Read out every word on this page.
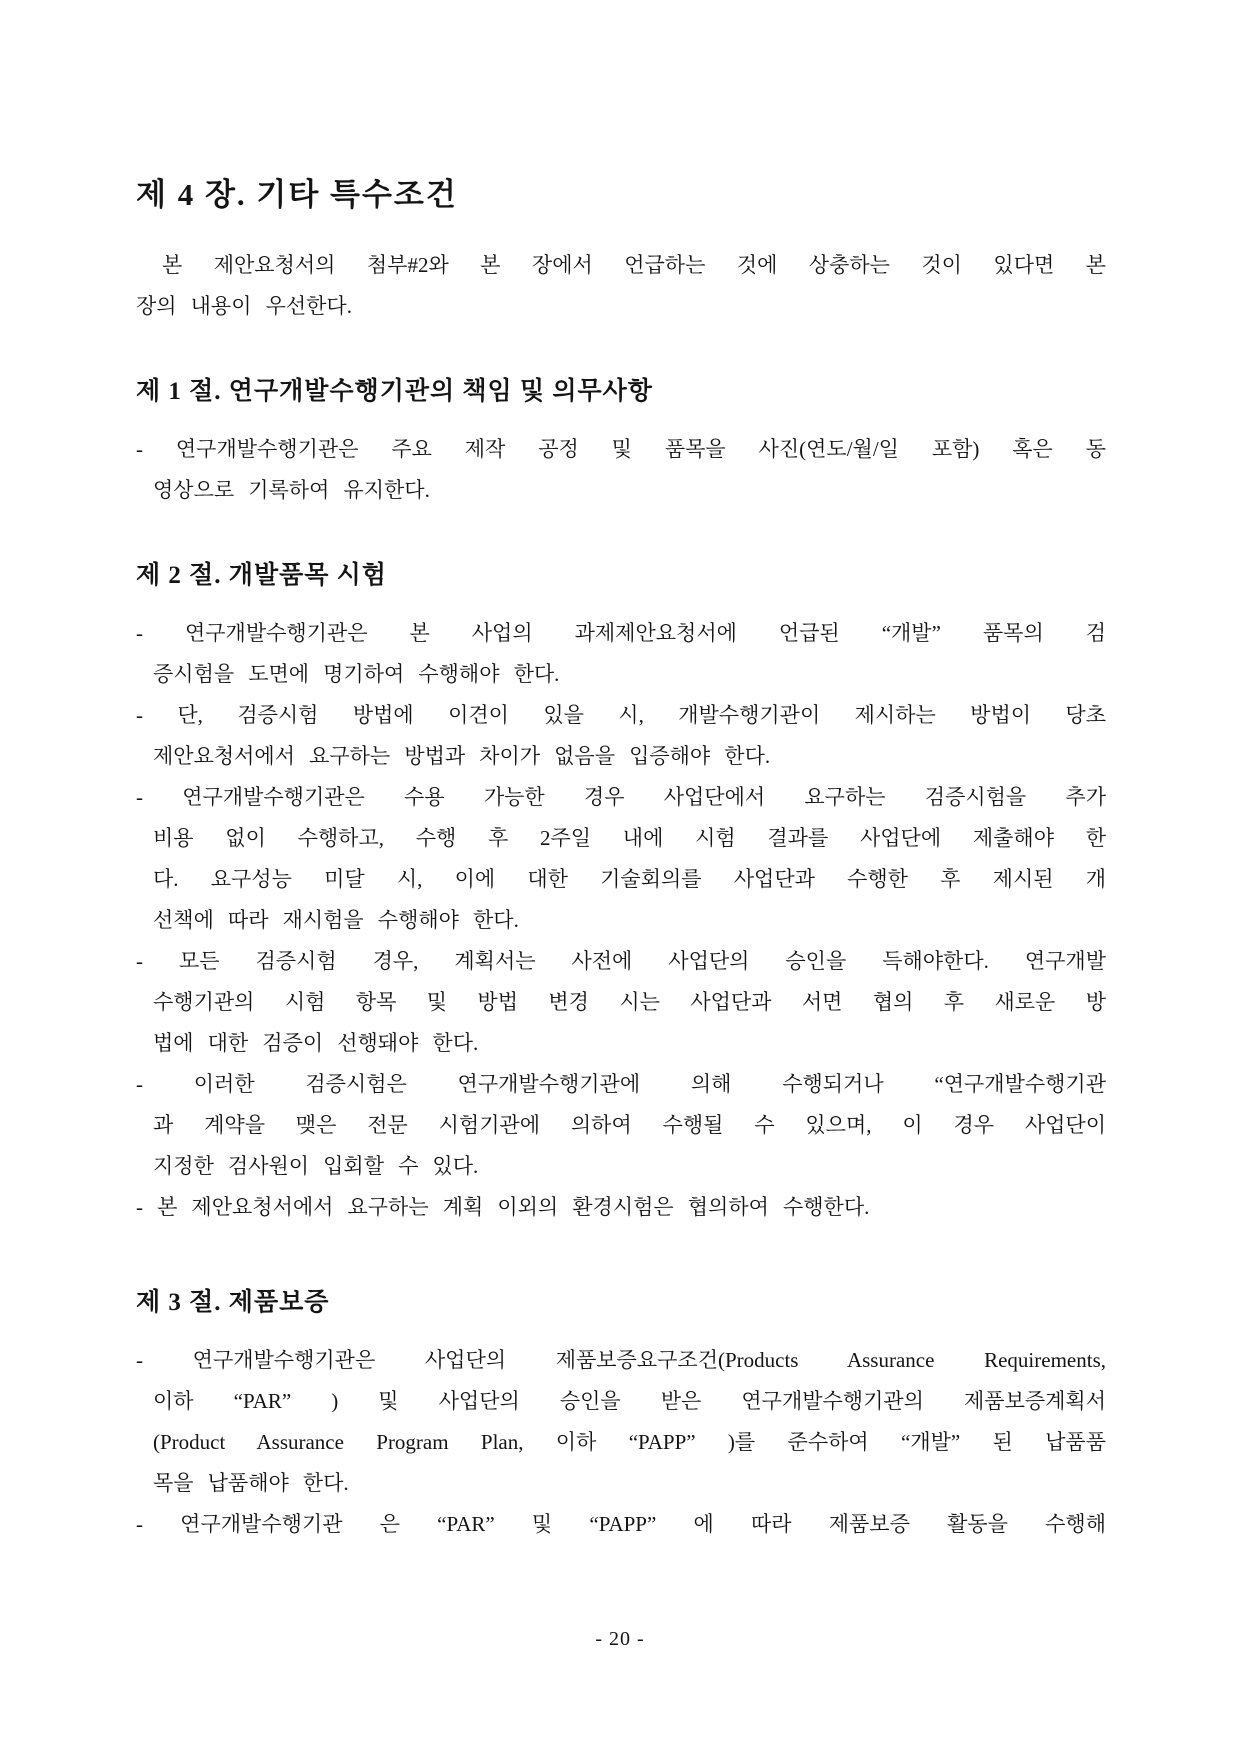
제 4 장. 기타 특수조건
본 제안요청서의 첨부#2와 본 장에서 언급하는 것에 상충하는 것이 있다면 본
장의 내용이 우선한다.
제 1 절. 연구개발수행기관의 책임 및 의무사항
- 연구개발수행기관은 주요 제작 공정 및 품목을 사진(연도/월/일 포함) 혹은 동
영상으로 기록하여 유지한다.
제 2 절. 개발품목 시험
- 연구개발수행기관은 본 사업의 과제제안요청서에 언급된 “개발” 품목의 검
증시험을 도면에 명기하여 수행해야 한다.
- 단, 검증시험 방법에 이견이 있을 시, 개발수행기관이 제시하는 방법이 당초
제안요청서에서 요구하는 방법과 차이가 없음을 입증해야 한다.
- 연구개발수행기관은 수용 가능한 경우 사업단에서 요구하는 검증시험을 추가
비용 없이 수행하고, 수행 후 2주일 내에 시험 결과를 사업단에 제출해야 한
다. 요구성능 미달 시, 이에 대한 기술회의를 사업단과 수행한 후 제시된 개
선책에 따라 재시험을 수행해야 한다.
- 모든 검증시험 경우, 계획서는 사전에 사업단의 승인을 득해야한다. 연구개발
수행기관의 시험 항목 및 방법 변경 시는 사업단과 서면 협의 후 새로운 방
법에 대한 검증이 선행돼야 한다.
- 이러한 검증시험은 연구개발수행기관에 의해 수행되거나 “연구개발수행기관
과 계약을 맺은 전문 시험기관에 의하여 수행될 수 있으며, 이 경우 사업단이
지정한 검사원이 입회할 수 있다.
- 본 제안요청서에서 요구하는 계획 이외의 환경시험은 협의하여 수행한다.
제 3 절. 제품보증
- 연구개발수행기관은 사업단의 제품보증요구조건(Products Assurance Requirements,
이하 “PAR” ) 및 사업단의 승인을 받은 연구개발수행기관의 제품보증계획서
(Product Assurance Program Plan, 이하 “PAPP” )를 준수하여 “개발” 된 납품품
목을 납품해야 한다.
- 연구개발수행기관 은 “PAR” 및 “PAPP” 에 따라 제품보증 활동을 수행해
- 20 -
